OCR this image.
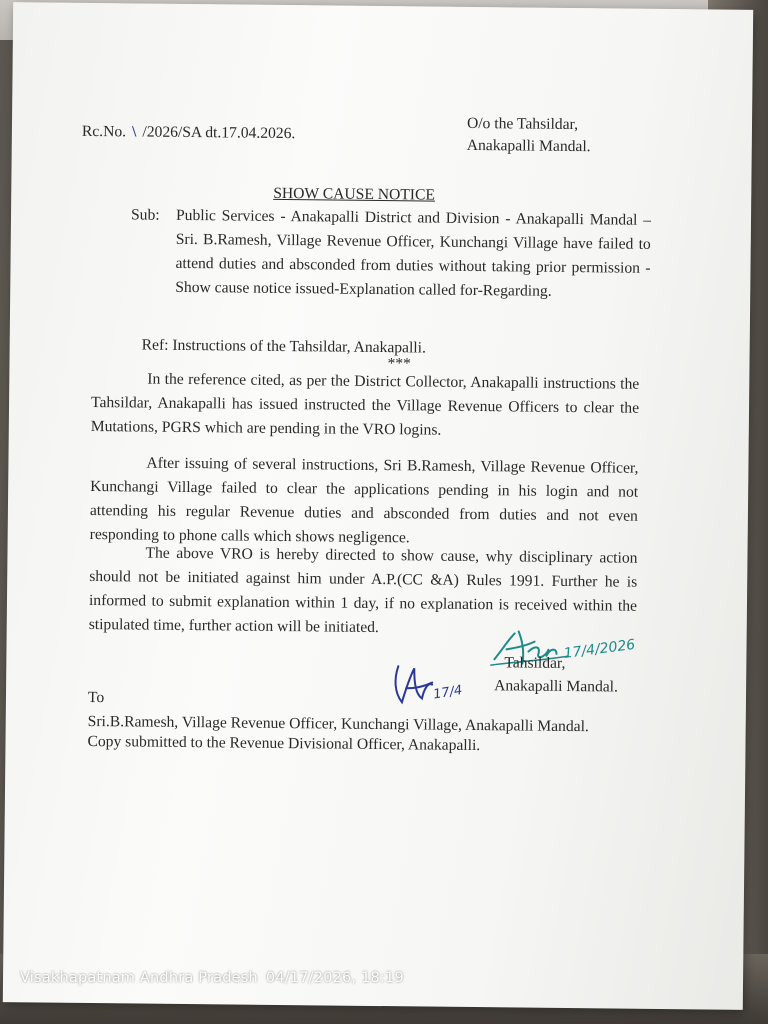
Rc.No. \ /2026/SA dt.17.04.2026.	O/o the Tahsildar,
Anakapalli Mandal.
SHOW CAUSE NOTICE
Sub: Public Services - Anakapalli District and Division - Anakapalli Mandal – Sri. B.Ramesh, Village Revenue Officer, Kunchangi Village have failed to attend duties and absconded from duties without taking prior permission - Show cause notice issued-Explanation called for-Regarding.
Ref: Instructions of the Tahsildar, Anakapalli.
***
In the reference cited, as per the District Collector, Anakapalli instructions the Tahsildar, Anakapalli has issued instructed the Village Revenue Officers to clear the Mutations, PGRS which are pending in the VRO logins.
After issuing of several instructions, Sri B.Ramesh, Village Revenue Officer, Kunchangi Village failed to clear the applications pending in his login and not attending his regular Revenue duties and absconded from duties and not even responding to phone calls which shows negligence.
The above VRO is hereby directed to show cause, why disciplinary action should not be initiated against him under A.P.(CC &A) Rules 1991. Further he is informed to submit explanation within 1 day, if no explanation is received within the stipulated time, further action will be initiated.
17/4/2026
17/4
Tahsildar,
Anakapalli Mandal.
To
Sri.B.Ramesh, Village Revenue Officer, Kunchangi Village, Anakapalli Mandal.
Copy submitted to the Revenue Divisional Officer, Anakapalli.
Visakhapatnam Andhra Pradesh 04/17/2026, 18:19
